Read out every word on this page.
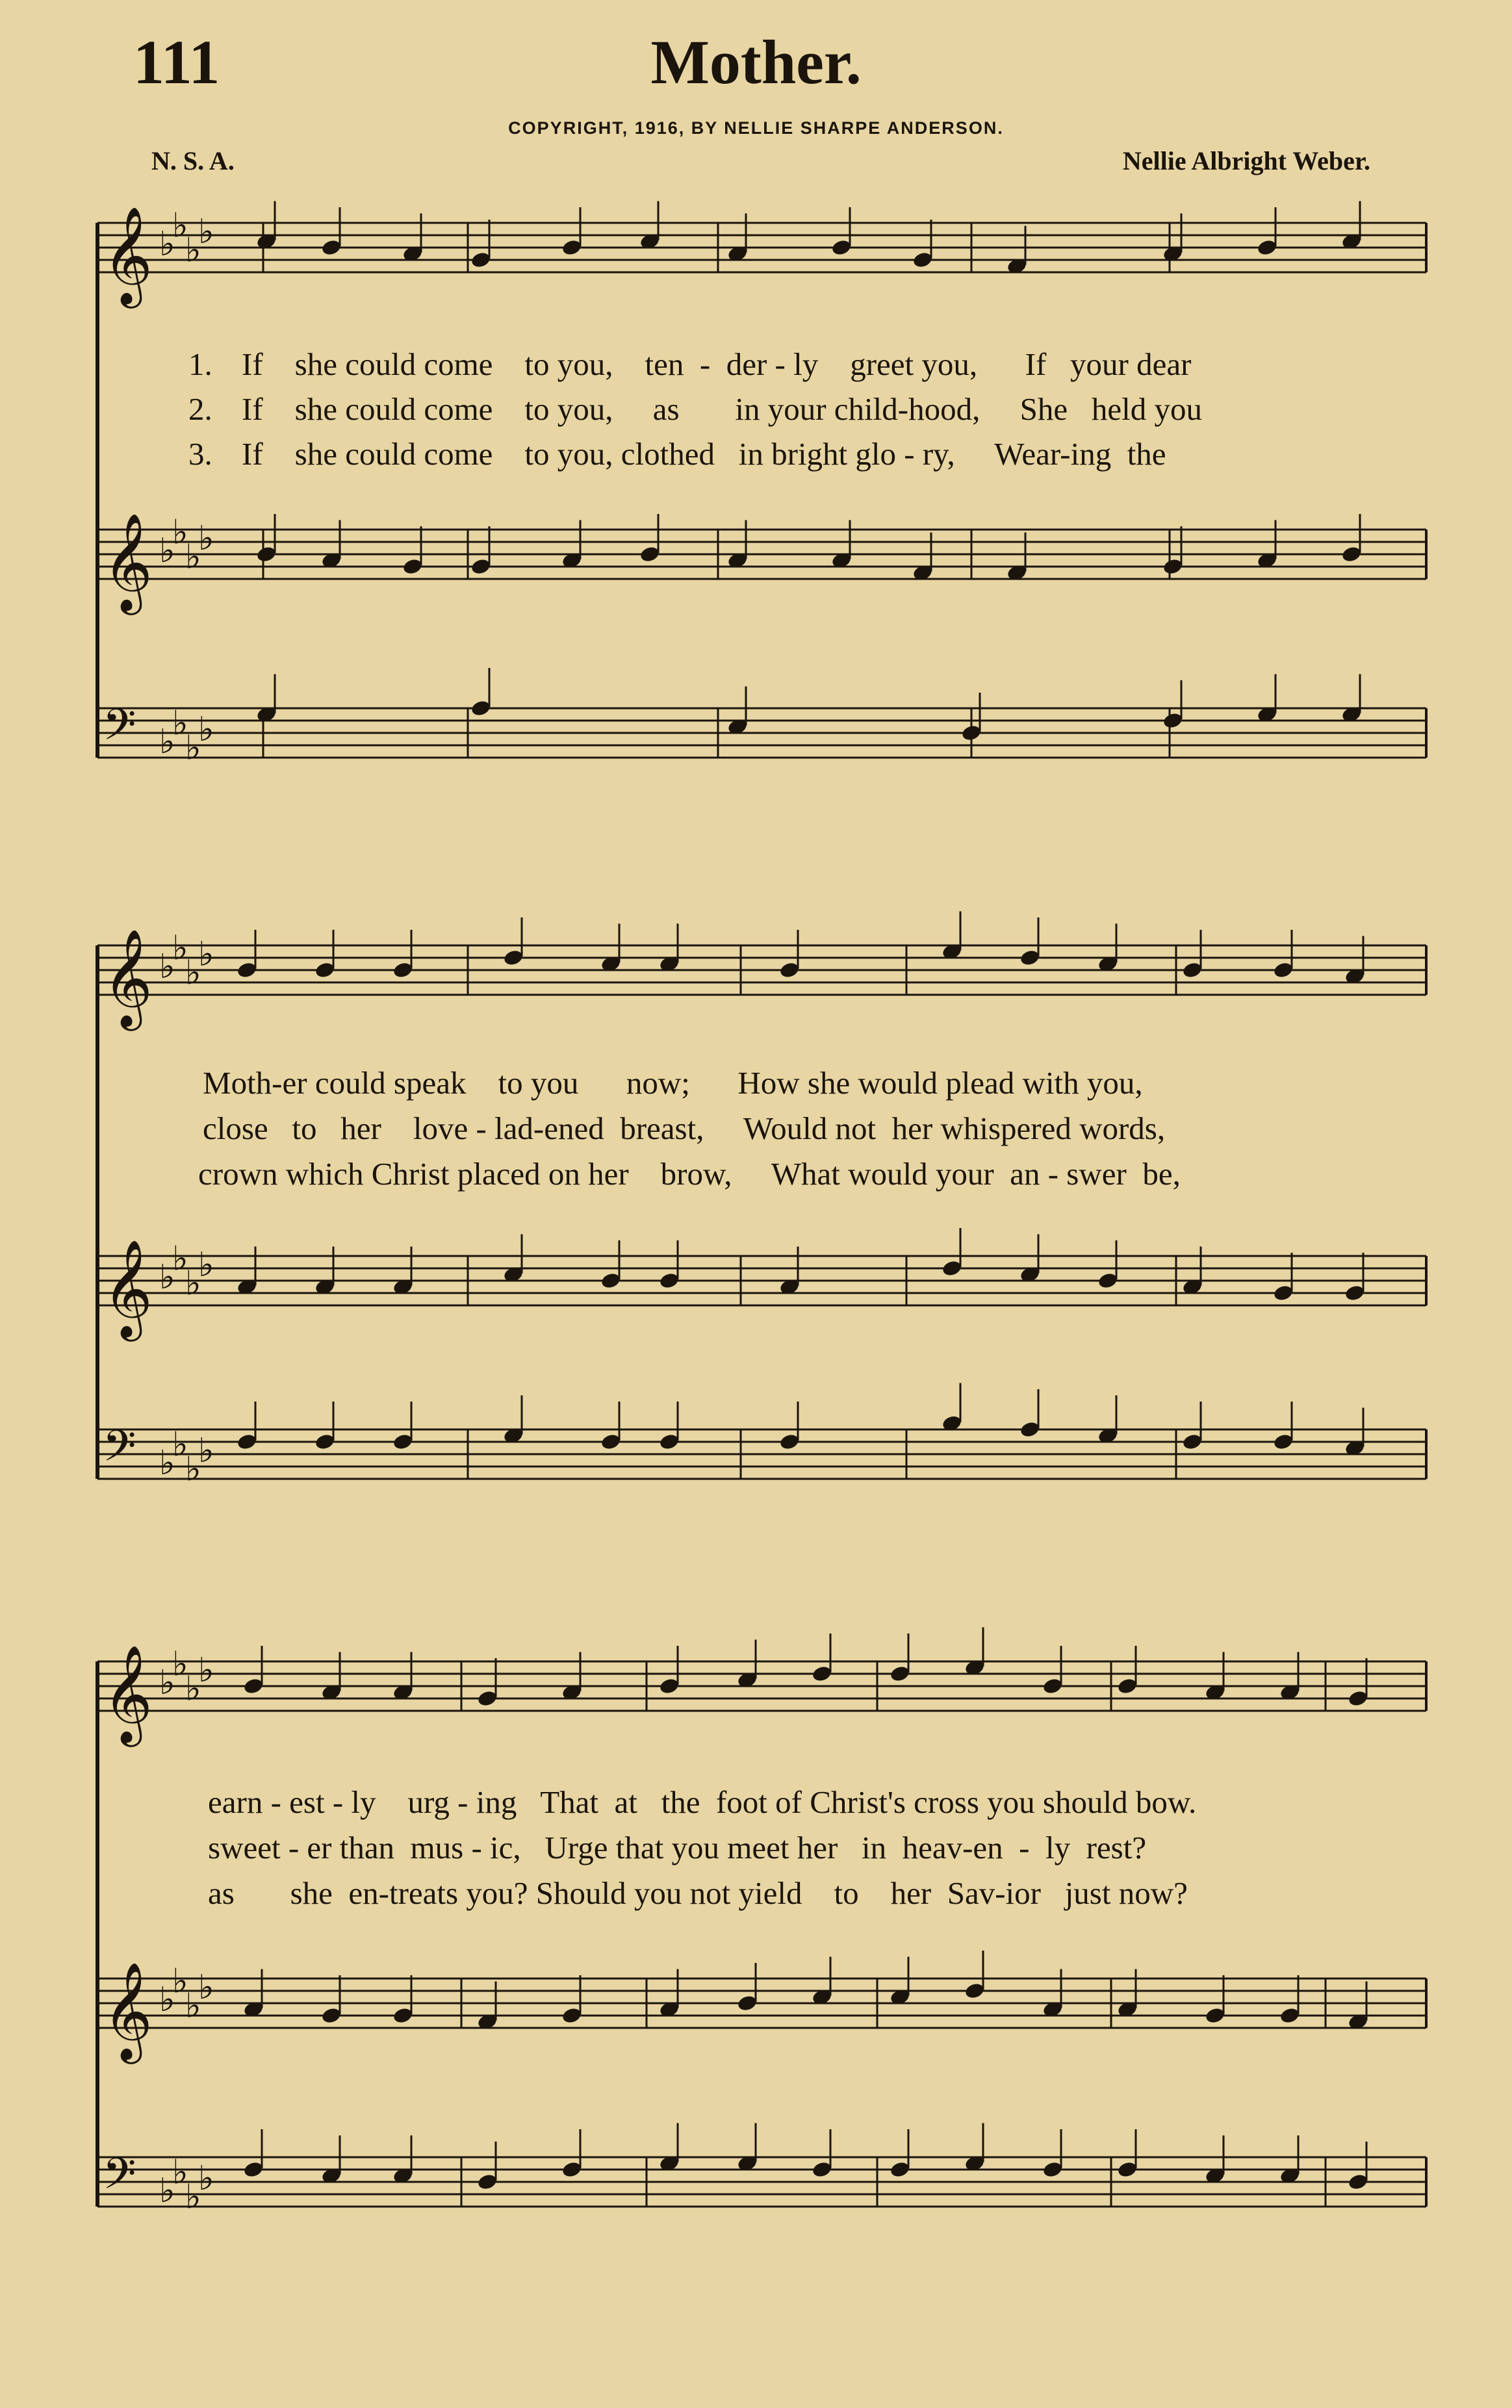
111	Mother.
COPYRIGHT, 1916, BY NELLIE SHARPE ANDERSON.
N. S. A.	Nellie Albright Weber.
𝄞 ♭
♭
♭
♭
𝄞 ♭
♭
♭
♭
𝄢 ♭
♭
♭
♭
𝄞 ♭
♭
♭
♭
𝄞 ♭
♭
♭
♭
𝄢 ♭
♭
♭
♭
𝄞 ♭
♭
♭
♭
𝄞 ♭
♭
♭
♭
𝄢 ♭
♭
♭
♭
1. If    she could come    to you,    ten  -  der - ly    greet you,      If   your dear
2. If    she could come    to you,     as       in your child-hood,     She   held you
3. If    she could come    to you, clothed   in bright glo - ry,     Wear-ing  the
Moth-er could speak    to you      now;      How she would plead with you,
close   to   her    love - lad-ened  breast,     Would not  her whispered words,
crown which Christ placed on her    brow,     What would your  an - swer  be,
earn - est - ly    urg - ing   That  at   the  foot of Christ's cross you should bow.
sweet - er than  mus - ic,   Urge that you meet her   in  heav-en  -  ly  rest?
as       she  en-treats you? Should you not yield    to    her  Sav-ior   just now?
